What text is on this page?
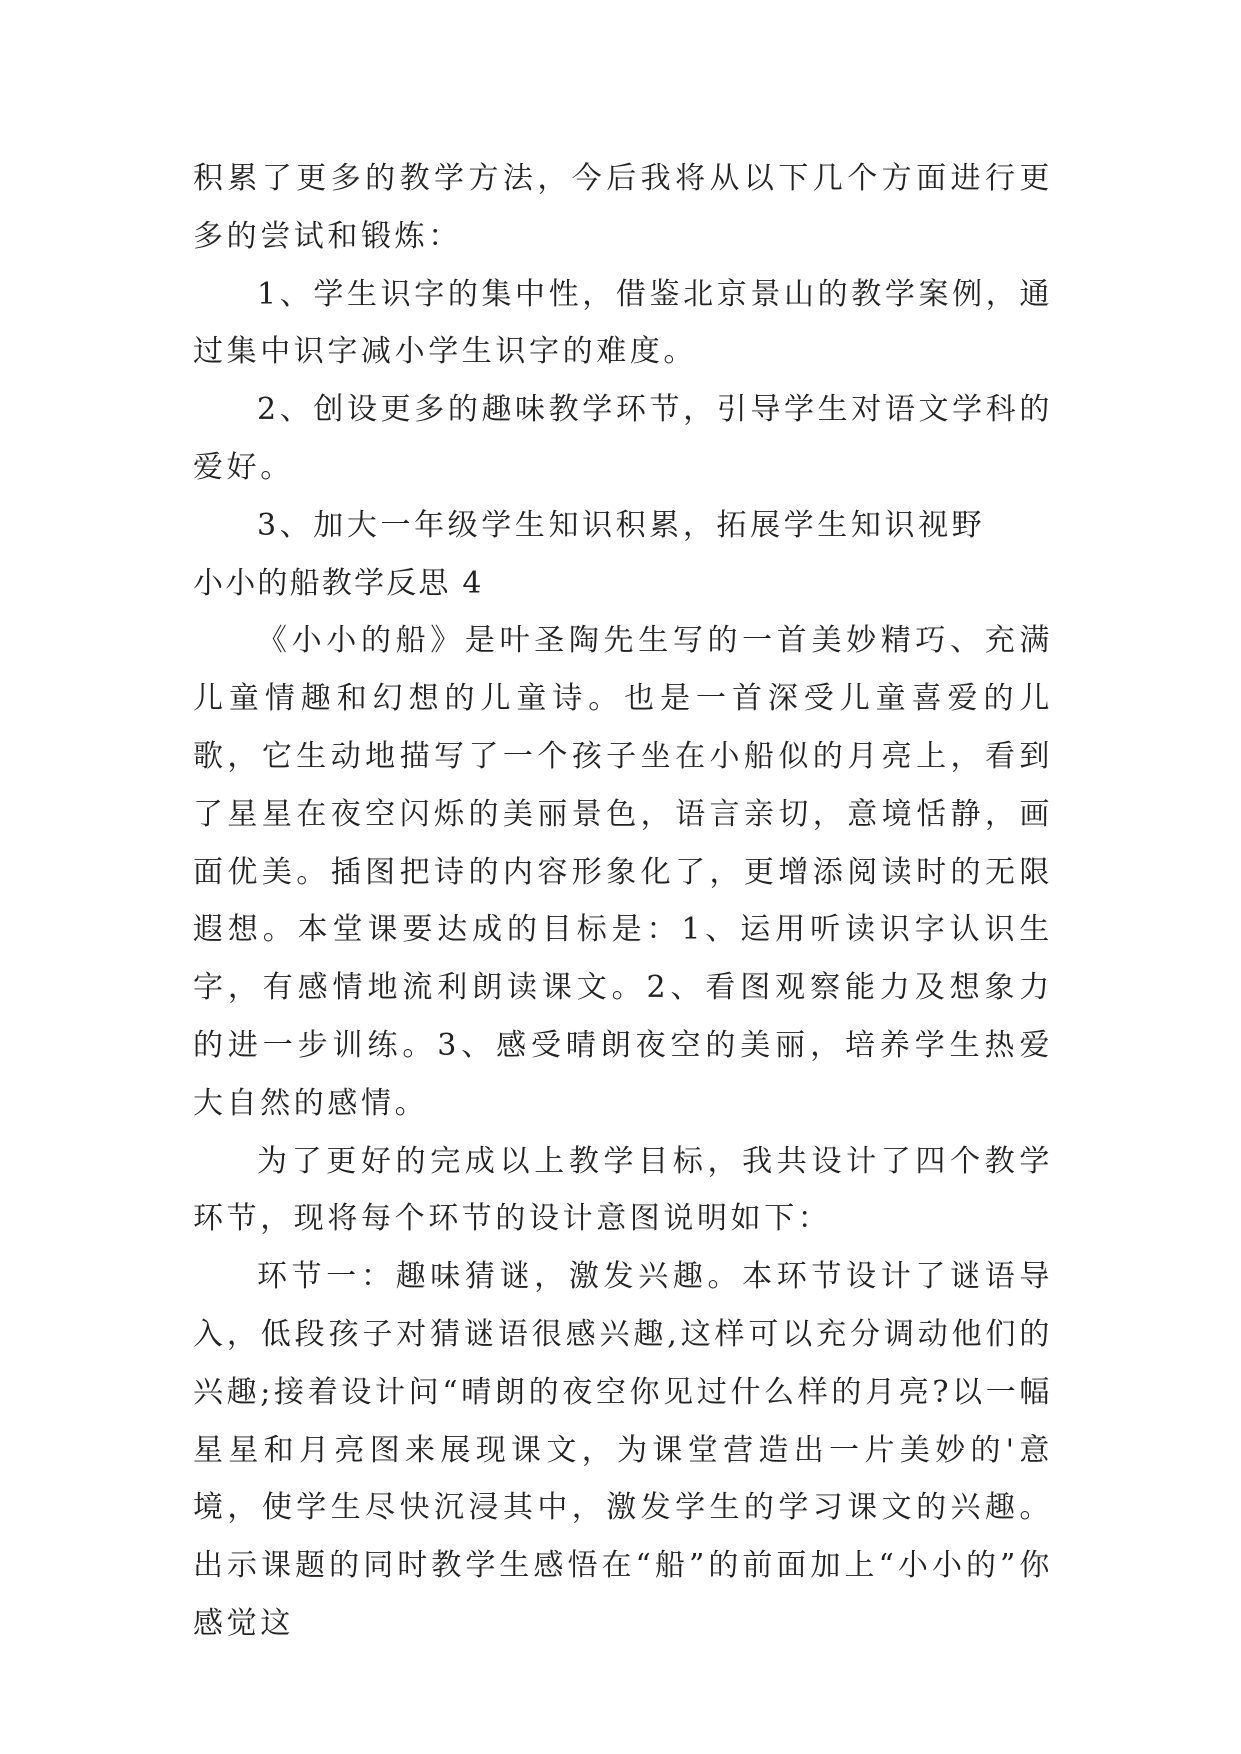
积累了更多的教学方法，今后我将从以下几个方面进行更多的尝试和锻炼：

1、学生识字的集中性，借鉴北京景山的教学案例，通过集中识字减小学生识字的难度。

2、创设更多的趣味教学环节，引导学生对语文学科的爱好。

3、加大一年级学生知识积累，拓展学生知识视野

小小的船教学反思 4

《小小的船》是叶圣陶先生写的一首美妙精巧、充满儿童情趣和幻想的儿童诗。也是一首深受儿童喜爱的儿歌，它生动地描写了一个孩子坐在小船似的月亮上，看到了星星在夜空闪烁的美丽景色，语言亲切，意境恬静，画面优美。插图把诗的内容形象化了，更增添阅读时的无限遐想。本堂课要达成的目标是：1、运用听读识字认识生字，有感情地流利朗读课文。2、看图观察能力及想象力的进一步训练。3、感受晴朗夜空的美丽，培养学生热爱大自然的感情。

为了更好的完成以上教学目标，我共设计了四个教学环节，现将每个环节的设计意图说明如下：

环节一：趣味猜谜，激发兴趣。本环节设计了谜语导入，低段孩子对猜谜语很感兴趣,这样可以充分调动他们的兴趣;接着设计问“晴朗的夜空你见过什么样的月亮?以一幅星星和月亮图来展现课文，为课堂营造出一片美妙的'意境，使学生尽快沉浸其中，激发学生的学习课文的兴趣。出示课题的同时教学生感悟在“船”的前面加上“小小的”你感觉这
